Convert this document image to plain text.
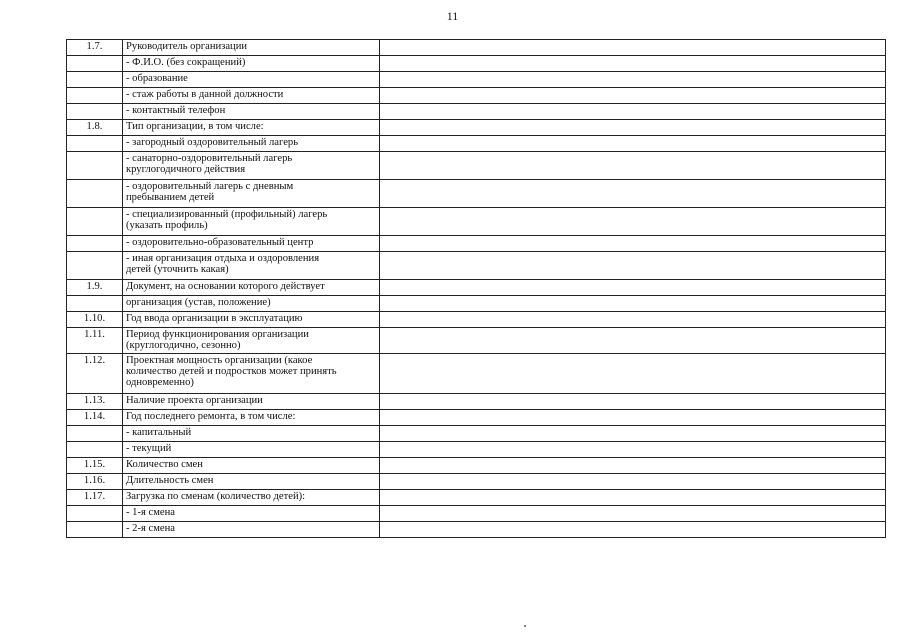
11
1.7.	Руководитель организации	
	- Ф.И.О. (без сокращений)	
	- образование	
	- стаж работы в данной должности	
	- контактный телефон	
1.8.	Тип организации, в том числе:	
	- загородный оздоровительный лагерь	
	- санаторно-оздоровительный лагерь
круглогодичного действия	
	- оздоровительный лагерь с дневным
пребыванием детей	
	- специализированный (профильный) лагерь
(указать профиль)	
	- оздоровительно-образовательный центр	
	- иная организация отдыха и оздоровления
детей (уточнить какая)	
1.9.	Документ, на основании которого действует	
	организация (устав, положение)	
1.10.	Год ввода организации в эксплуатацию	
1.11.	Период функционирования организации
(круглогодично, сезонно)	
1.12.	Проектная мощность организации (какое
количество детей и подростков может принять
одновременно)	
1.13.	Наличие проекта организации	
1.14.	Год последнего ремонта, в том числе:	
	- капитальный	
	- текущий	
1.15.	Количество смен	
1.16.	Длительность смен	
1.17.	Загрузка по сменам (количество детей):	
	- 1-я смена	
	- 2-я смена	
